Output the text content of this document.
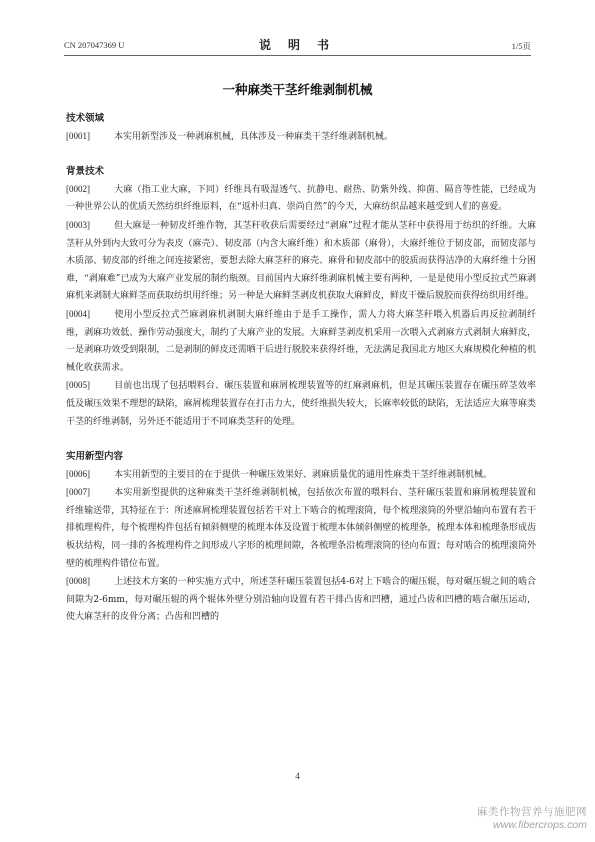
CN 207047369 U	说 明 书	1/5页
一种麻类干茎纤维剥制机械

技术领域

[0001]	本实用新型涉及一种剥麻机械，具体涉及一种麻类干茎纤维剥制机械。

背景技术

[0002]	大麻（指工业大麻，下同）纤维具有吸湿透气、抗静电、耐热、防紫外线、抑菌、隔音等性能，已经成为一种世界公认的优质天然纺织纤维原料，在“返朴归真、崇尚自然”的今天，大麻纺织品越来越受到人们的喜爱。

[0003]	但大麻是一种韧皮纤维作物，其茎秆收获后需要经过“剥麻”过程才能从茎秆中获得用于纺织的纤维。大麻茎秆从外到内大致可分为表皮（麻壳）、韧皮部（内含大麻纤维）和木质部（麻骨），大麻纤维位于韧皮部，而韧皮部与木质部、韧皮部的纤维之间连接紧密，要想去除大麻茎秆的麻壳、麻骨和韧皮部中的胶质而获得洁净的大麻纤维十分困难，“剥麻难”已成为大麻产业发展的制约瓶颈。目前国内大麻纤维剥麻机械主要有两种，一是是使用小型反拉式苎麻剥麻机来剥制大麻鲜茎而获取纺织用纤维；另一种是大麻鲜茎剥皮机获取大麻鲜皮，鲜皮干燥后脱胶而获得纺织用纤维。

[0004]	使用小型反拉式苎麻剥麻机剥制大麻纤维由于是手工操作，需人力将大麻茎秆喂入机器后再反拉剥制纤维，剥麻功效低、操作劳动强度大，制约了大麻产业的发展。大麻鲜茎剥皮机采用一次喂入式剥麻方式剥制大麻鲜皮，一是剥麻功效受到限制，二是剥制的鲜皮还需晒干后进行脱胶来获得纤维，无法满足我国北方地区大麻规模化种植的机械化收获需求。

[0005]	目前也出现了包括喂料台、碾压装置和麻屑梳理装置等的红麻剥麻机，但是其碾压装置存在碾压碎茎效率低及碾压效果不理想的缺陷，麻屑梳理装置存在打击力大，使纤维损失较大，长麻率较低的缺陷，无法适应大麻等麻类干茎的纤维剥制，另外还不能适用于不同麻类茎秆的处理。

实用新型内容

[0006]	本实用新型的主要目的在于提供一种碾压效果好、剥麻质量优的通用性麻类干茎纤维剥制机械。

[0007]	本实用新型提供的这种麻类干茎纤维剥制机械，包括依次布置的喂料台、茎秆碾压装置和麻屑梳理装置和纤维输送带，其特征在于：所述麻屑梳理装置包括若干对上下啮合的梳理滚筒，每个梳理滚筒的外壁沿轴向布置有若干排梳理构件，每个梳理构件包括有倾斜侧壁的梳理本体及设置于梳理本体倾斜侧壁的梳理条，梳理本体和梳理条形成齿板状结构，同一排的各梳理构件之间形成八字形的梳理间隙，各梳理条沿梳理滚筒的径向布置；每对啮合的梳理滚筒外壁的梳理构件错位布置。

[0008]	上述技术方案的一种实施方式中，所述茎秆碾压装置包括4-6对上下啮合的碾压辊，每对碾压辊之间的啮合间隙为2-6mm，每对碾压辊的两个辊体外壁分别沿轴向设置有若干排凸齿和凹槽，通过凸齿和凹槽的啮合碾压运动，使大麻茎秆的皮骨分离；凸齿和凹槽的

4
麻类作物营养与施肥网
www.fibercrops.com
